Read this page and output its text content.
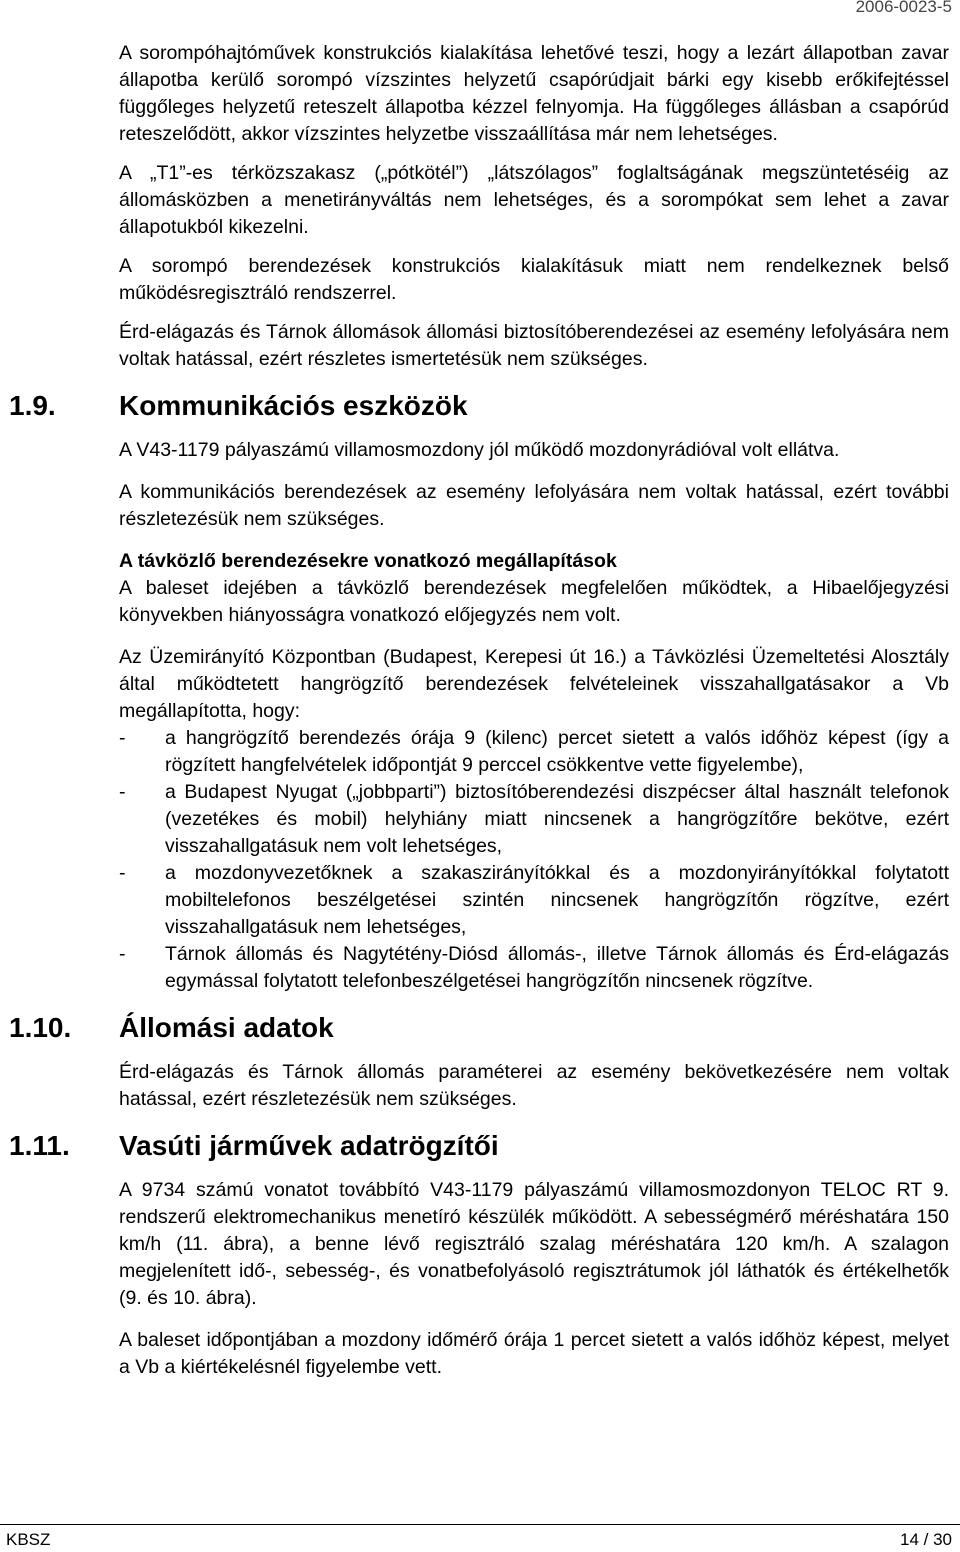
2006-0023-5

A sorompóhajtóművek konstrukciós kialakítása lehetővé teszi, hogy a lezárt állapotban zavar állapotba kerülő sorompó vízszintes helyzetű csapórúdjait bárki egy kisebb erőkifejtéssel függőleges helyzetű reteszelt állapotba kézzel felnyomja. Ha függőleges állásban a csapórúd reteszelődött, akkor vízszintes helyzetbe visszaállítása már nem lehetséges.

A „T1”-es térközszakasz („pótkötél”) „látszólagos” foglaltságának megszüntetéséig az állomásközben a menetirányváltás nem lehetséges, és a sorompókat sem lehet a zavar állapotukból kikezelni.

A sorompó berendezések konstrukciós kialakításuk miatt nem rendelkeznek belső működésregisztráló rendszerrel.

Érd-elágazás és Tárnok állomások állomási biztosítóberendezései az esemény lefolyására nem voltak hatással, ezért részletes ismertetésük nem szükséges.

1.9. Kommunikációs eszközök

A V43-1179 pályaszámú villamosmozdony jól működő mozdonyrádióval volt ellátva.

A kommunikációs berendezések az esemény lefolyására nem voltak hatással, ezért további részletezésük nem szükséges.

A távközlő berendezésekre vonatkozó megállapítások

A baleset idejében a távközlő berendezések megfelelően működtek, a Hibaelőjegyzési könyvekben hiányosságra vonatkozó előjegyzés nem volt.

Az Üzemirányító Központban (Budapest, Kerepesi út 16.) a Távközlési Üzemeltetési Alosztály által működtetett hangrögzítő berendezések felvételeinek visszahallgatásakor a Vb megállapította, hogy:

- a hangrögzítő berendezés órája 9 (kilenc) percet sietett a valós időhöz képest (így a rögzített hangfelvételek időpontját 9 perccel csökkentve vette figyelembe),
- a Budapest Nyugat („jobbparti”) biztosítóberendezési diszpécser által használt telefonok (vezetékes és mobil) helyhiány miatt nincsenek a hangrögzítőre bekötve, ezért visszahallgatásuk nem volt lehetséges,
- a mozdonyvezetőknek a szakaszirányítókkal és a mozdonyirányítókkal folytatott mobiltelefonos beszélgetései szintén nincsenek hangrögzítőn rögzítve, ezért visszahallgatásuk nem lehetséges,
- Tárnok állomás és Nagytétény-Diósd állomás-, illetve Tárnok állomás és Érd-elágazás egymással folytatott telefonbeszélgetései hangrögzítőn nincsenek rögzítve.
1.10. Állomási adatok

Érd-elágazás és Tárnok állomás paraméterei az esemény bekövetkezésére nem voltak hatással, ezért részletezésük nem szükséges.

1.11. Vasúti járművek adatrögzítői

A 9734 számú vonatot továbbító V43-1179 pályaszámú villamosmozdonyon TELOC RT 9. rendszerű elektromechanikus menetíró készülék működött. A sebességmérő méréshatára 150 km/h (11. ábra), a benne lévő regisztráló szalag méréshatára 120 km/h. A szalagon megjelenített idő-, sebesség-, és vonatbefolyásoló regisztrátumok jól láthatók és értékelhetők (9. és 10. ábra).

A baleset időpontjában a mozdony időmérő órája 1 percet sietett a valós időhöz képest, melyet a Vb a kiértékelésnél figyelembe vett.

KBSZ	14 / 30
